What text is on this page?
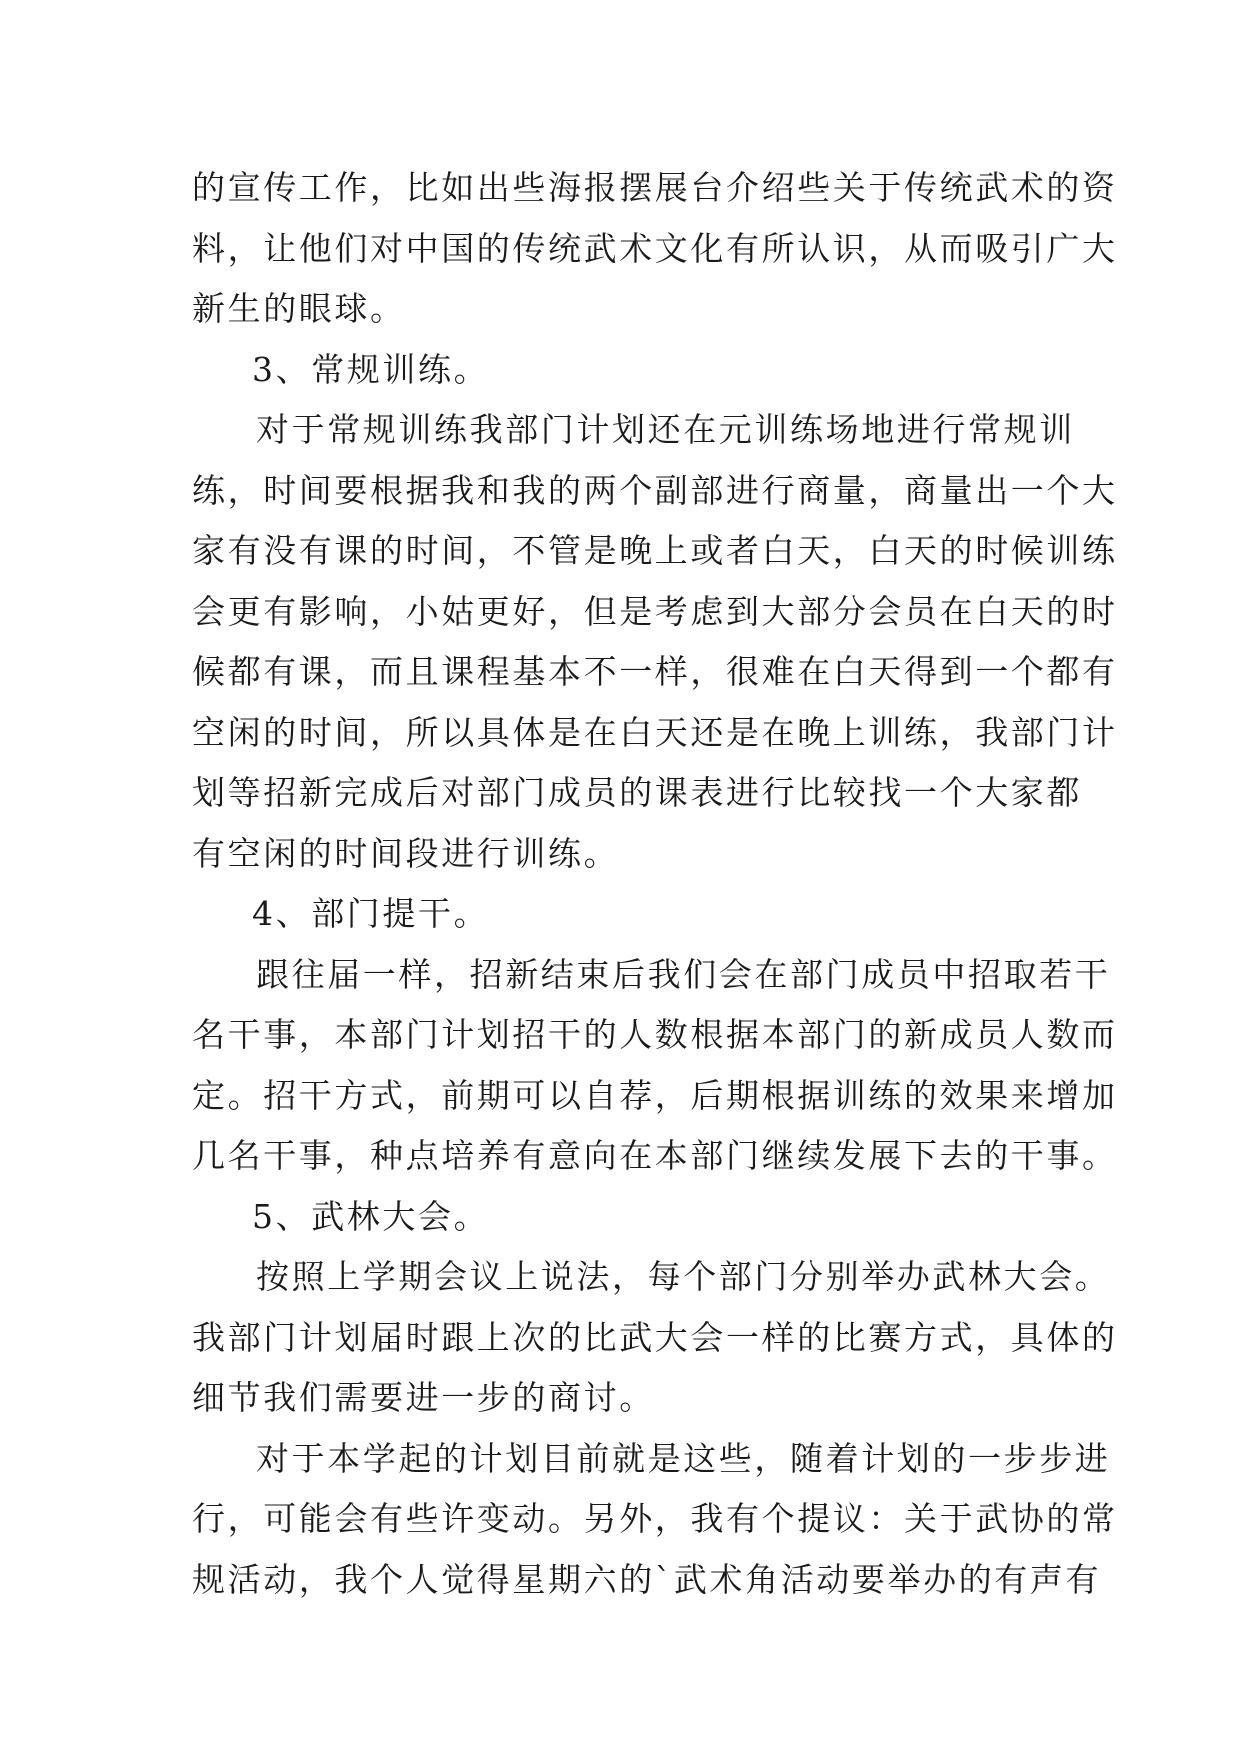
的宣传工作，比如出些海报摆展台介绍些关于传统武术的资
料，让他们对中国的传统武术文化有所认识，从而吸引广大
新生的眼球。
3、常规训练。
对于常规训练我部门计划还在元训练场地进行常规训
练，时间要根据我和我的两个副部进行商量，商量出一个大
家有没有课的时间，不管是晚上或者白天，白天的时候训练
会更有影响，小姑更好，但是考虑到大部分会员在白天的时
候都有课，而且课程基本不一样，很难在白天得到一个都有
空闲的时间，所以具体是在白天还是在晚上训练，我部门计
划等招新完成后对部门成员的课表进行比较找一个大家都
有空闲的时间段进行训练。
4、部门提干。
跟往届一样，招新结束后我们会在部门成员中招取若干
名干事，本部门计划招干的人数根据本部门的新成员人数而
定。招干方式，前期可以自荐，后期根据训练的效果来增加
几名干事，种点培养有意向在本部门继续发展下去的干事。
5、武林大会。
按照上学期会议上说法，每个部门分别举办武林大会。
我部门计划届时跟上次的比武大会一样的比赛方式，具体的
细节我们需要进一步的商讨。
对于本学起的计划目前就是这些，随着计划的一步步进
行，可能会有些许变动。另外，我有个提议：关于武协的常
规活动，我个人觉得星期六的`武术角活动要举办的有声有
